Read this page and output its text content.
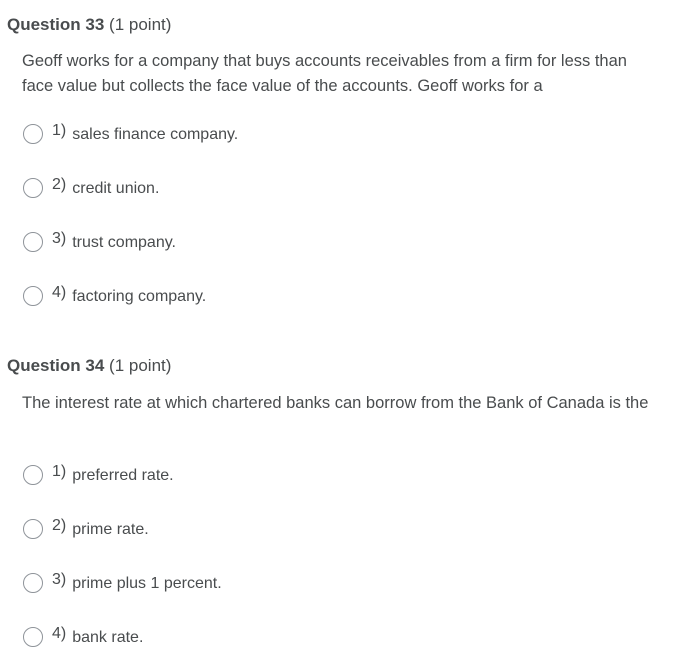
Question 33 (1 point)
Geoff works for a company that buys accounts receivables from a firm for less than face value but collects the face value of the accounts. Geoff works for a
1) sales finance company.
2) credit union.
3) trust company.
4) factoring company.
Question 34 (1 point)
The interest rate at which chartered banks can borrow from the Bank of Canada is the
1) preferred rate.
2) prime rate.
3) prime plus 1 percent.
4) bank rate.
